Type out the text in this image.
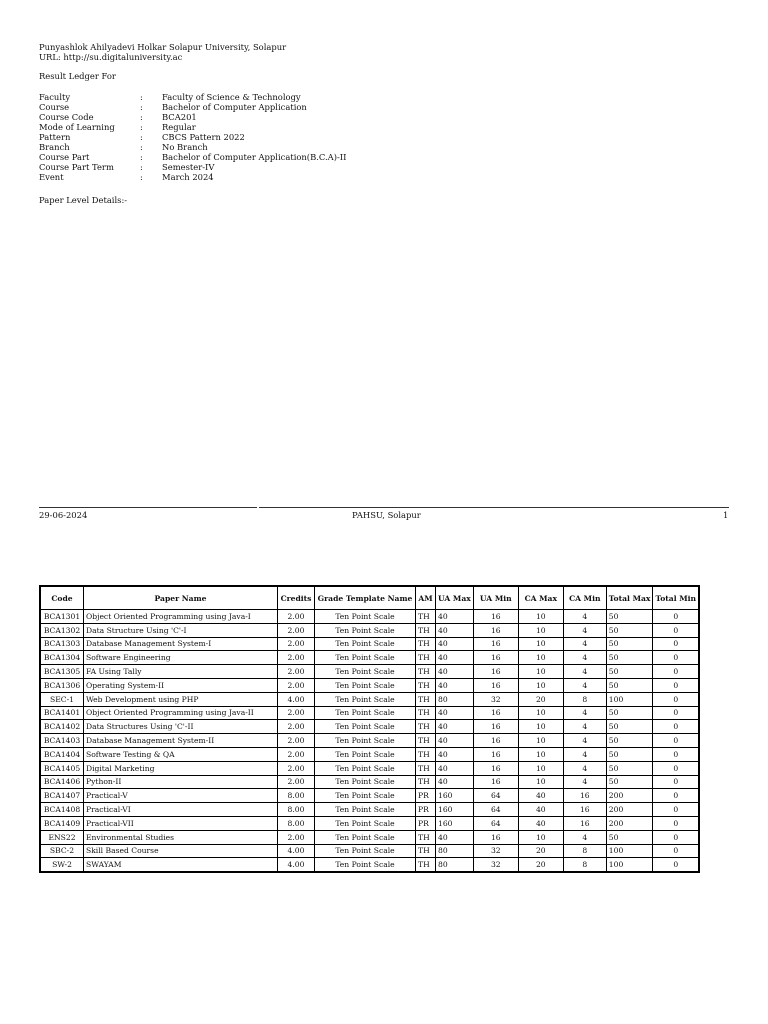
Punyashlok Ahilyadevi Holkar Solapur University, Solapur
URL: http://su.digitaluniversity.ac
Result Ledger For
Faculty	: Faculty of Science & Technology
Course	: Bachelor of Computer Application
Course Code	: BCA201
Mode of Learning	: Regular
Pattern	: CBCS Pattern 2022
Branch	: No Branch
Course Part	: Bachelor of Computer Application(B.C.A)-II
Course Part Term	: Semester-IV
Event	: March 2024
Paper Level Details:-
29-06-2024	PAHSU, Solapur	1
Code	Paper Name	Credits	Grade Template Name	AM	UA Max	UA Min	CA Max	CA Min	Total Max	Total Min
BCA1301	Object Oriented Programming using Java-I	2.00	Ten Point Scale	TH	40	16	10	4	50	0
BCA1302	Data Structure Using 'C'-I	2.00	Ten Point Scale	TH	40	16	10	4	50	0
BCA1303	Database Management System-I	2.00	Ten Point Scale	TH	40	16	10	4	50	0
BCA1304	Software Engineering	2.00	Ten Point Scale	TH	40	16	10	4	50	0
BCA1305	FA Using Tally	2.00	Ten Point Scale	TH	40	16	10	4	50	0
BCA1306	Operating System-II	2.00	Ten Point Scale	TH	40	16	10	4	50	0
SEC-1	Web Development using PHP	4.00	Ten Point Scale	TH	80	32	20	8	100	0
BCA1401	Object Oriented Programming using Java-II	2.00	Ten Point Scale	TH	40	16	10	4	50	0
BCA1402	Data Structures Using 'C'-II	2.00	Ten Point Scale	TH	40	16	10	4	50	0
BCA1403	Database Management System-II	2.00	Ten Point Scale	TH	40	16	10	4	50	0
BCA1404	Software Testing & QA	2.00	Ten Point Scale	TH	40	16	10	4	50	0
BCA1405	Digital Marketing	2.00	Ten Point Scale	TH	40	16	10	4	50	0
BCA1406	Python-II	2.00	Ten Point Scale	TH	40	16	10	4	50	0
BCA1407	Practical-V	8.00	Ten Point Scale	PR	160	64	40	16	200	0
BCA1408	Practical-VI	8.00	Ten Point Scale	PR	160	64	40	16	200	0
BCA1409	Practical-VII	8.00	Ten Point Scale	PR	160	64	40	16	200	0
ENS22	Environmental Studies	2.00	Ten Point Scale	TH	40	16	10	4	50	0
SBC-2	Skill Based Course	4.00	Ten Point Scale	TH	80	32	20	8	100	0
SW-2	SWAYAM	4.00	Ten Point Scale	TH	80	32	20	8	100	0
